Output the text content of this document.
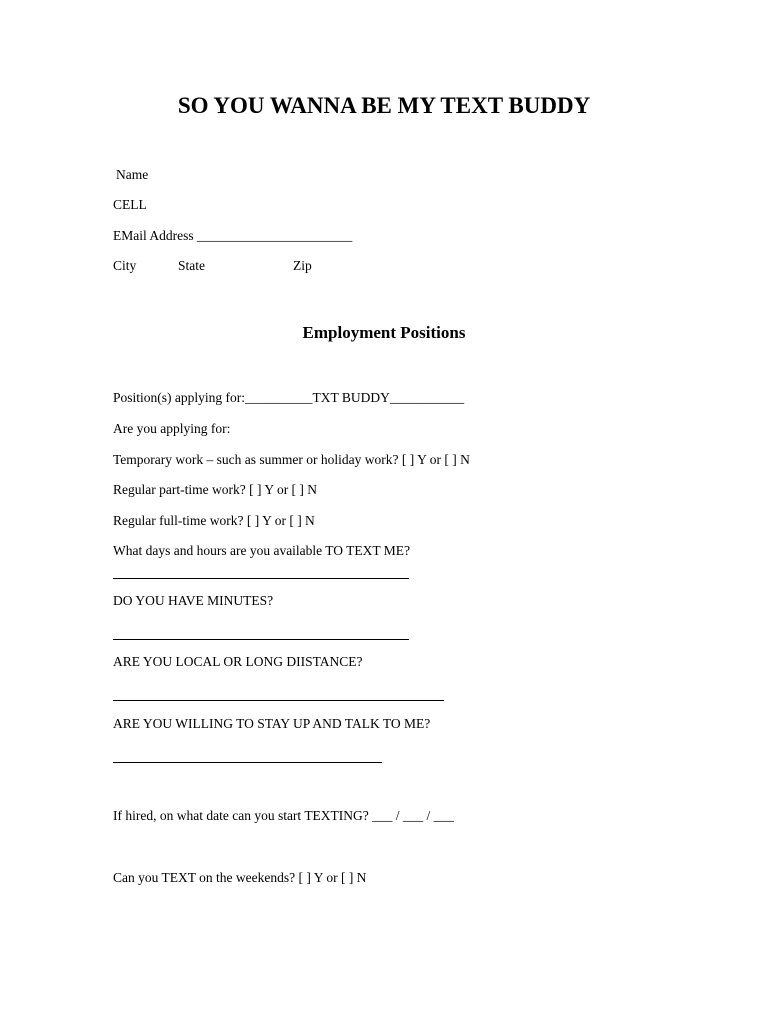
SO YOU WANNA BE MY TEXT BUDDY
Name
CELL
EMail Address _______________________
City	State	Zip
Employment Positions
Position(s) applying for:__________TXT BUDDY___________
Are you applying for:
Temporary work – such as summer or holiday work? [ ] Y or [ ] N
Regular part-time work? [ ] Y or [ ] N
Regular full-time work? [ ] Y or [ ] N
What days and hours are you available TO TEXT ME?
DO YOU HAVE MINUTES?
ARE YOU LOCAL OR LONG DIISTANCE?
ARE YOU WILLING TO STAY UP AND TALK TO ME?
If hired, on what date can you start TEXTING? ___ / ___ / ___
Can you TEXT on the weekends? [ ] Y or [ ] N
